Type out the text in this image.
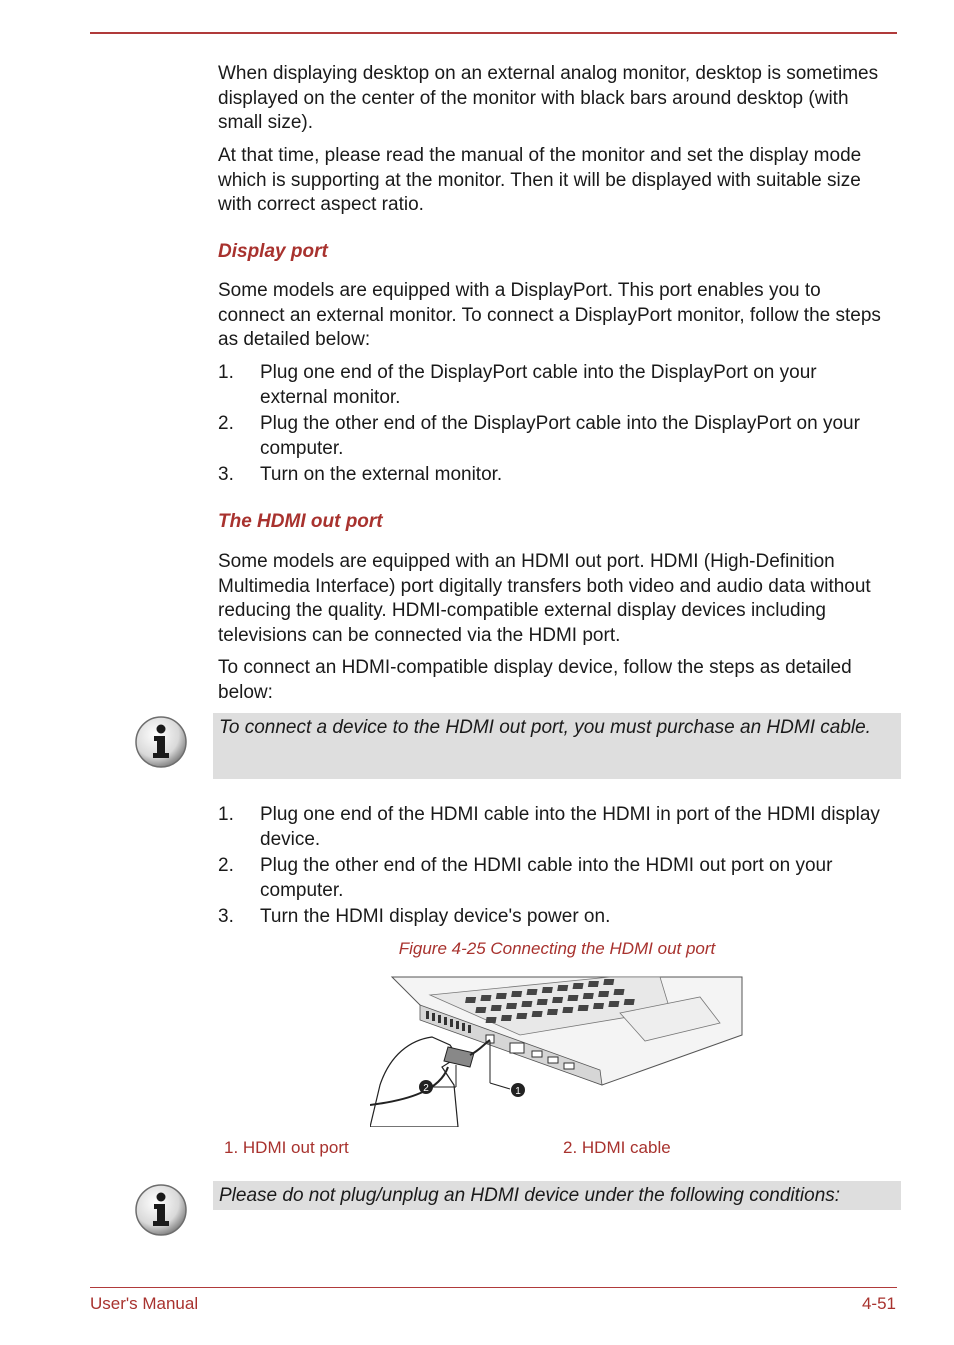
When displaying desktop on an external analog monitor, desktop is sometimes displayed on the center of the monitor with black bars around desktop (with small size).

At that time, please read the manual of the monitor and set the display mode which is supporting at the monitor. Then it will be displayed with suitable size with correct aspect ratio.

Display port

Some models are equipped with a DisplayPort. This port enables you to connect an external monitor. To connect a DisplayPort monitor, follow the steps as detailed below:

1. Plug one end of the DisplayPort cable into the DisplayPort on your external monitor.
2. Plug the other end of the DisplayPort cable into the DisplayPort on your computer.
3. Turn on the external monitor.

The HDMI out port

Some models are equipped with an HDMI out port. HDMI (High-Definition Multimedia Interface) port digitally transfers both video and audio data without reducing the quality. HDMI-compatible external display devices including televisions can be connected via the HDMI port.

To connect an HDMI-compatible display device, follow the steps as detailed below:

To connect a device to the HDMI out port, you must purchase an HDMI cable.
1. Plug one end of the HDMI cable into the HDMI in port of the HDMI display device.
2. Plug the other end of the HDMI cable into the HDMI out port on your computer.
3. Turn the HDMI display device's power on.
Figure 4-25 Connecting the HDMI out port
1
2
1. HDMI out port	2. HDMI cable
Please do not plug/unplug an HDMI device under the following conditions:
User's Manual	4-51
